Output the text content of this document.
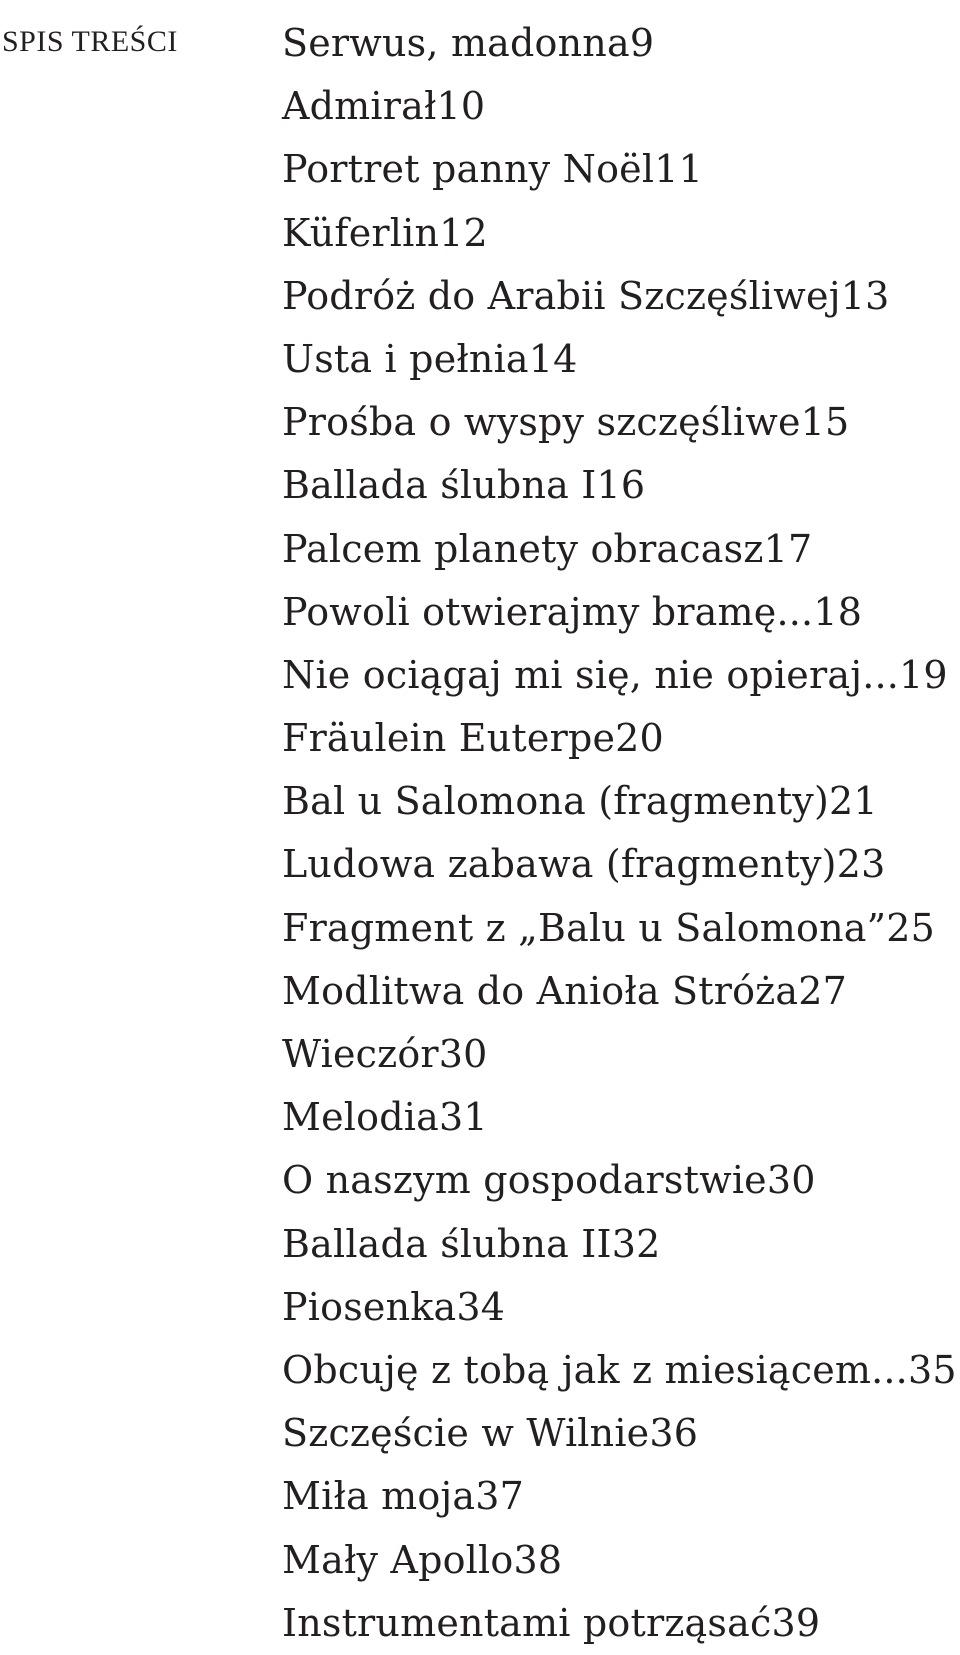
SPIS TREŚCI	Serwus, madonna9
Admirał10
Portret panny Noël11
Küferlin12
Podróż do Arabii Szczęśliwej13
Usta i pełnia14
Prośba o wyspy szczęśliwe15
Ballada ślubna I16
Palcem planety obracasz17
Powoli otwierajmy bramę...18
Nie ociągaj mi się, nie opieraj...19
Fräulein Euterpe20
Bal u Salomona (fragmenty)21
Ludowa zabawa (fragmenty)23
Fragment z „Balu u Salomona”25
Modlitwa do Anioła Stróża27
Wieczór30
Melodia31
O naszym gospodarstwie30
Ballada ślubna II32
Piosenka34
Obcuję z tobą jak z miesiącem...35
Szczęście w Wilnie36
Miła moja37
Mały Apollo38
Instrumentami potrząsać39
